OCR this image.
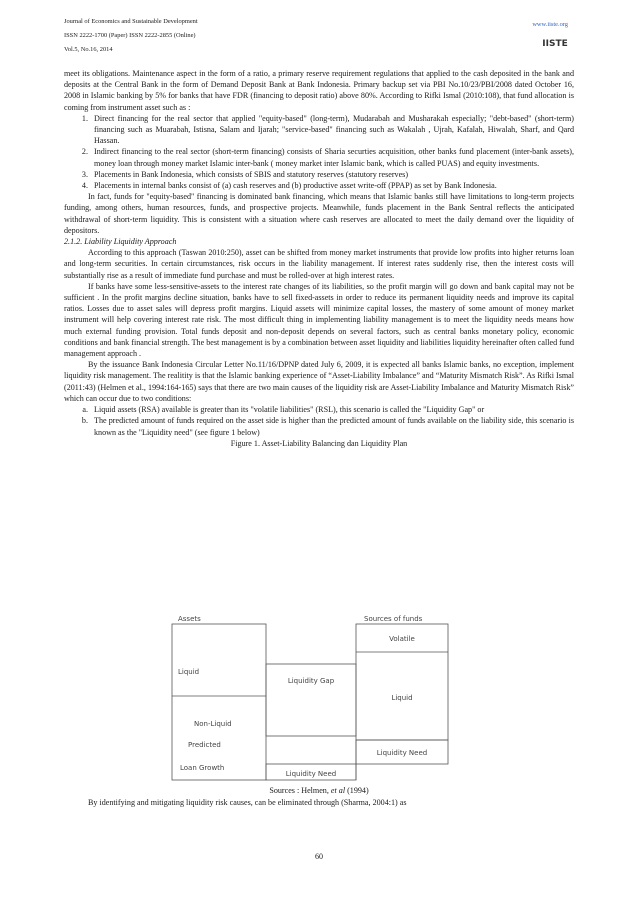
Journal of Economics and Sustainable Development
ISSN 2222-1700 (Paper) ISSN 2222-2855 (Online)
Vol.5, No.16, 2014
www.iiste.org
IISTE

meet its obligations. Maintenance aspect in the form of a ratio, a primary reserve requirement regulations that applied to the cash deposited in the bank and deposits at the Central Bank in the form of Demand Deposit Bank at Bank Indonesia. Primary backup set via PBI No.10/23/PBI/2008 dated October 16, 2008 in Islamic banking by 5% for banks that have FDR (financing to deposit ratio) above 80%. According to Rifki Ismal (2010:108), that fund allocation is coming from instrument asset such as :

1. Direct financing for the real sector that applied "equity-based" (long-term), Mudarabah and Musharakah especially; "debt-based" (short-term) financing such as Muarabah, Istisna, Salam and Ijarah; "service-based" financing such as Wakalah , Ujrah, Kafalah, Hiwalah, Sharf, and Qard Hassan.
2. Indirect financing to the real sector (short-term financing) consists of Sharia securties acquisition, other banks fund placement (inter-bank assets), money loan through money market Islamic inter-bank ( money market inter Islamic bank, which is called PUAS) and equity investments.
3. Placements in Bank Indonesia, which consists of SBIS and statutory reserves (statutory reserves)
4. Placements in internal banks consist of (a) cash reserves and (b) productive asset write-off (PPAP) as set by Bank Indonesia.

In fact, funds for "equity-based" financing is dominated bank financing, which means that Islamic banks still have limitations to long-term projects funding, among others, human resources, funds, and prospective projects. Meanwhile, funds placement in the Bank Sentral reflects the anticipated withdrawal of short-term liquidity. This is consistent with a situation where cash reserves are allocated to meet the daily demand over the liquidity of depositors.

2.1.2. Liability Liquidity Approach

According to this approach (Taswan 2010:250), asset can be shifted from money market instruments that provide low profits into higher returns loan and long-term securities. In certain circumstances, risk occurs in the liability management. If interest rates suddenly rise, then the interest costs will substantially rise as a result of immediate fund purchase and must be rolled-over at high interest rates.

If banks have some less-sensitive-assets to the interest rate changes of its liabilities, so the profit margin will go down and bank capital may not be sufficient . In the profit margins decline situation, banks have to sell fixed-assets in order to reduce its permanent liquidity needs and improve its capital ratios. Losses due to asset sales will depress profit margins. Liquid assets will minimize capital losses, the mastery of some amount of money market instrument will help covering interest rate risk. The most difficult thing in implementing liability management is to meet the liquidity needs means how much external funding provision. Total funds deposit and non-deposit depends on several factors, such as central banks monetary policy, economic conditions and bank financial strength. The best management is by a combination between asset liquidity and liabilities liquidity hereinafter often called fund management approach .

By the issuance Bank Indonesia Circular Letter No.11/16/DPNP dated July 6, 2009, it is expected all banks Islamic banks, no exception, implement liquidity risk management. The realitity is that the Islamic banking experience of “Asset-Liability Imbalance” and “Maturity Mismatch Risk”. As Rifki Ismal (2011:43) (Helmen et al., 1994:164-165) says that there are two main causes of the liquidity risk are Asset-Liability Imbalance and Maturity Mismatch Risk” which can occur due to two conditions:

a. Liquid assets (RSA) available is greater than its "volatile liabilities" (RSL), this scenario is called the "Liquidity Gap" or
b. The predicted amount of funds required on the asset side is higher than the predicted amount of funds available on the liability side, this scenario is known as the "Liquidity need" (see figure 1 below)

Figure 1. Asset-Liability Balancing dan Liquidity Plan

Assets	Sources of funds
Volatile
Liquid
Liquidity Gap
Liquid
Non-Liquid
Predicted
Liquidity Need
Loan Growth
Liquidity Need
Sources : Helmen, et al (1994)
By identifying and mitigating liquidity risk causes, can be eliminated through (Sharma, 2004:1) as
60
